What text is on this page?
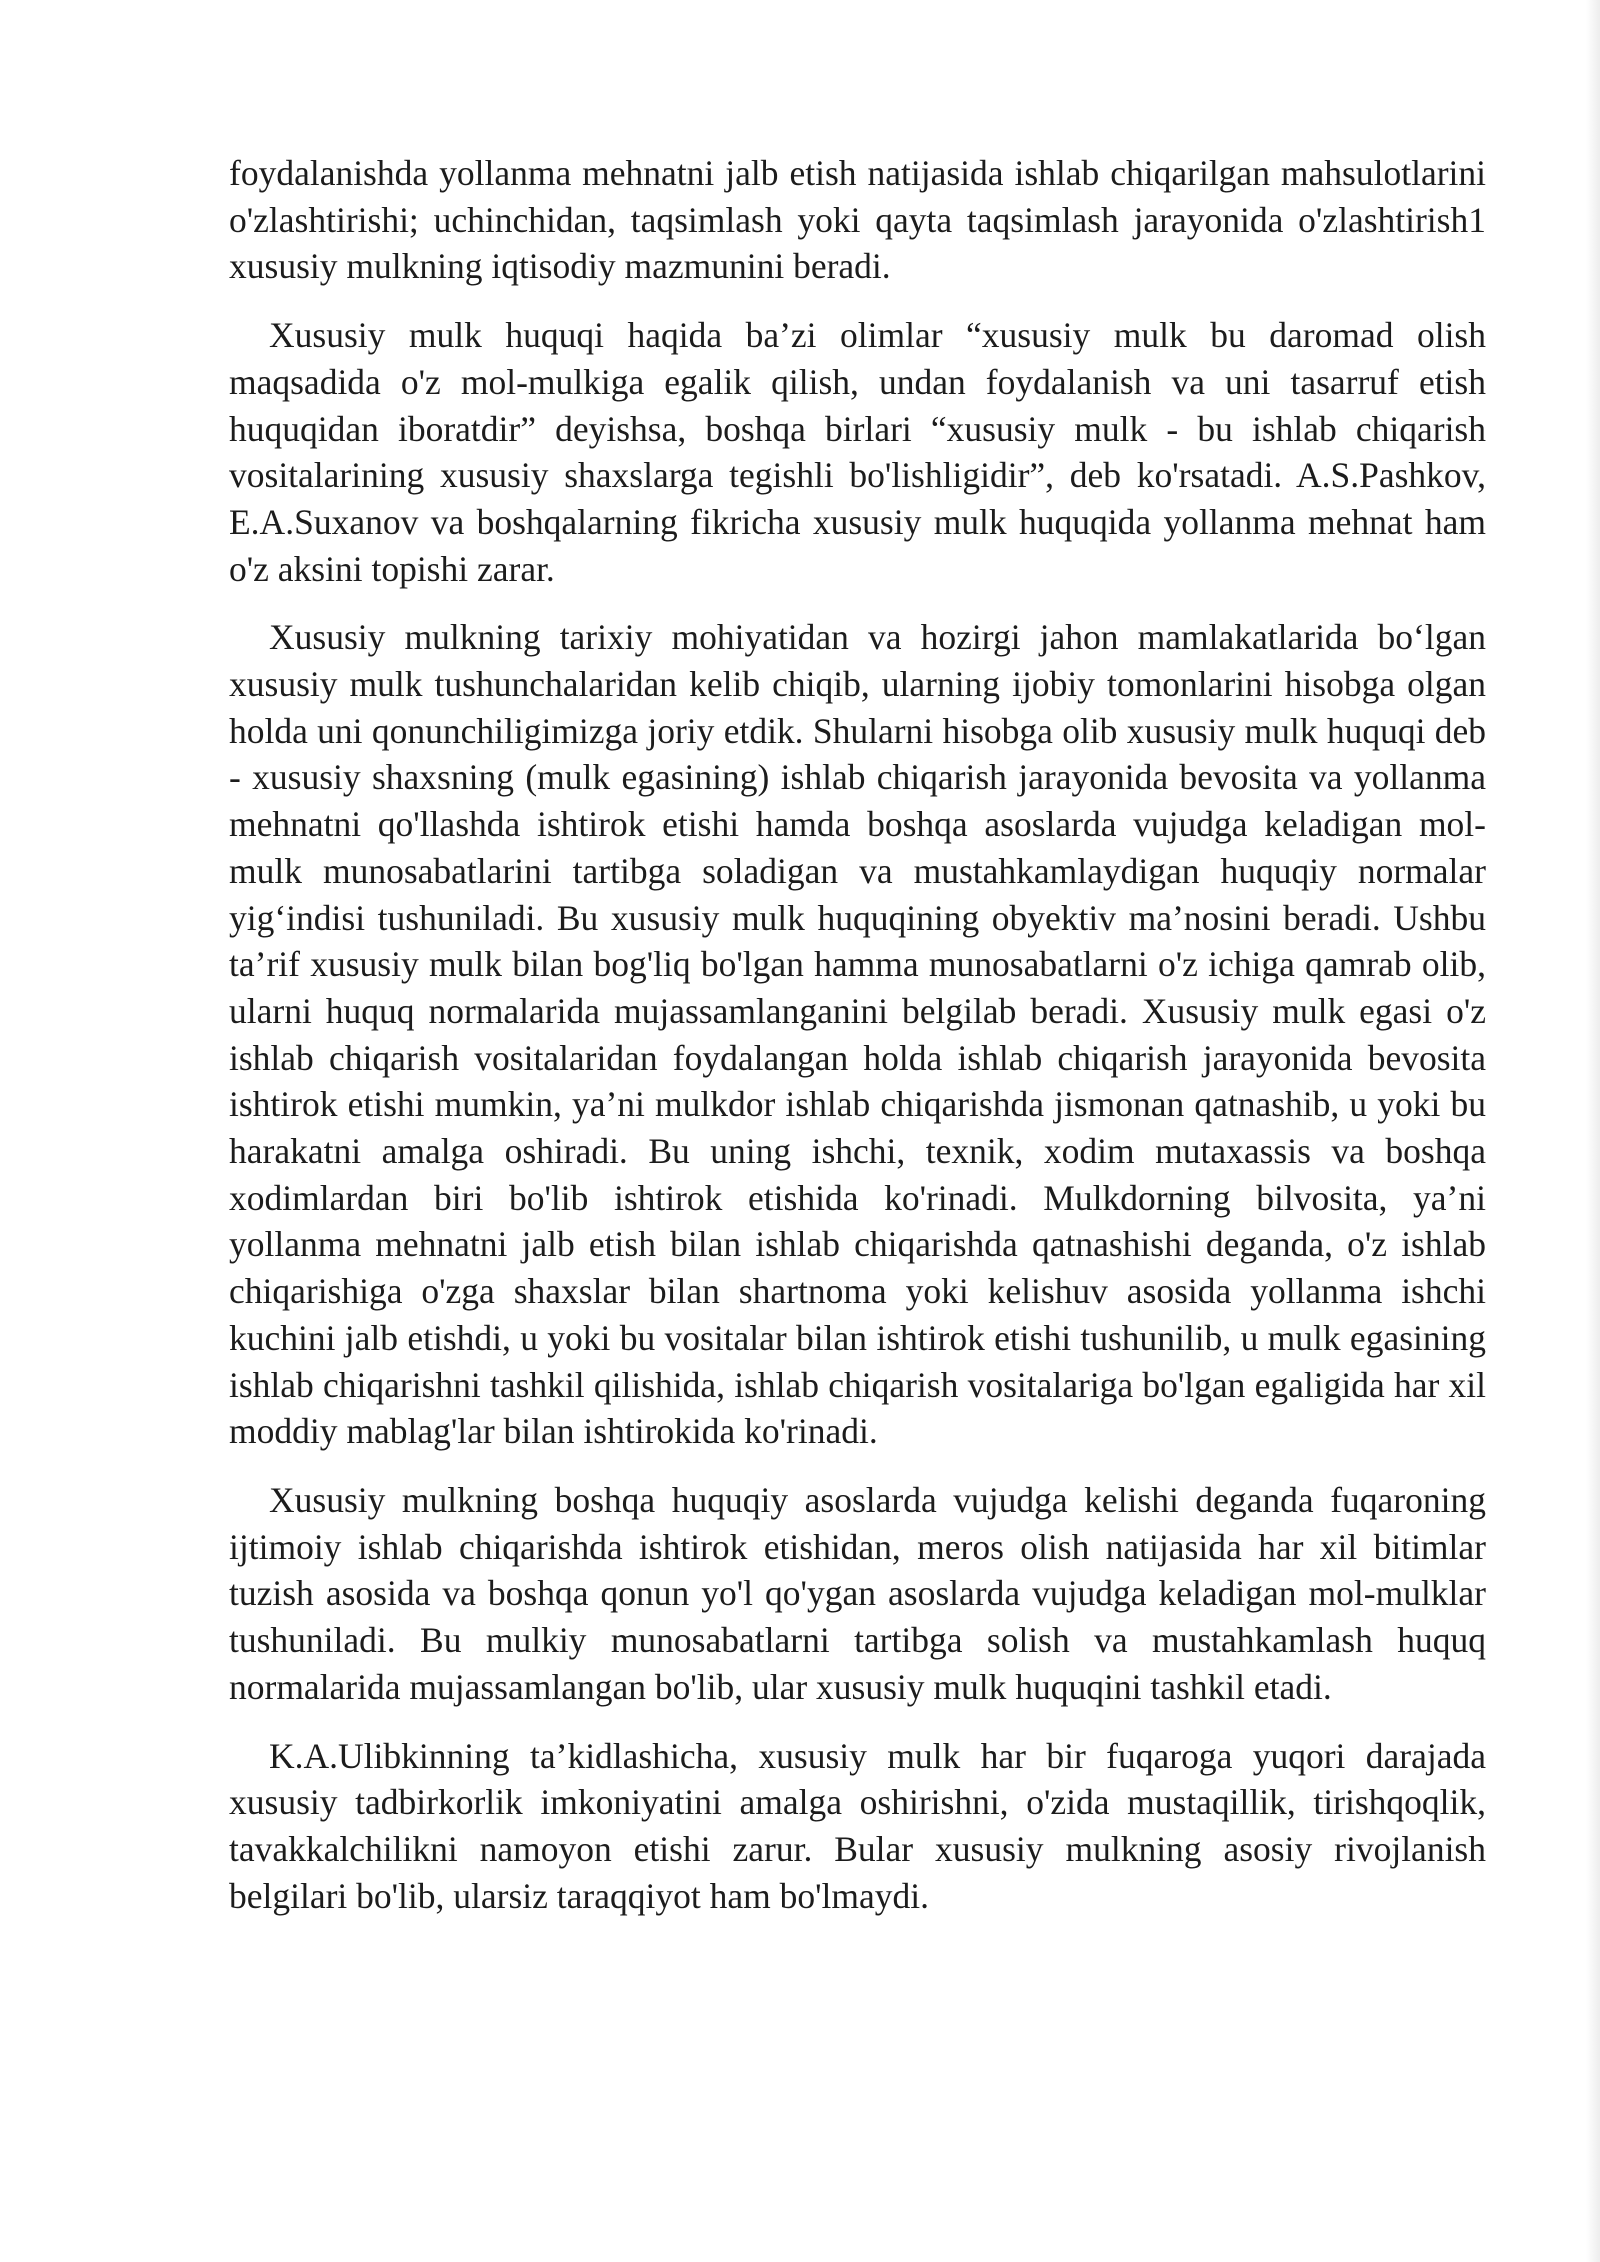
foydalanishda yollanma mehnatni jalb etish natijasida ishlab chiqarilgan mahsulotlarini o'zlashtirishi; uchinchidan, taqsimlash yoki qayta taqsimlash jarayonida o'zlashtirish1 xususiy mulkning iqtisodiy mazmunini beradi.

Xususiy mulk huquqi haqida ba’zi olimlar “xususiy mulk bu daromad olish maqsadida o'z mol-mulkiga egalik qilish, undan foydalanish va uni tasarruf etish huquqidan iboratdir” deyishsa, boshqa birlari “xususiy mulk - bu ishlab chiqarish vositalarining xususiy shaxslarga tegishli bo'lishligidir”, deb ko'rsatadi. A.S.Pashkov, E.A.Suxanov va boshqalarning fikricha xususiy mulk huquqida yollanma mehnat ham o'z aksini topishi zarar.

Xususiy mulkning tarixiy mohiyatidan va hozirgi jahon mamlakatlarida bo‘lgan xususiy mulk tushunchalaridan kelib chiqib, ularning ijobiy tomonlarini hisobga olgan holda uni qonunchiligimizga joriy etdik. Shularni hisobga olib xususiy mulk huquqi deb - xususiy shaxsning (mulk egasining) ishlab chiqarish jarayonida bevosita va yollanma mehnatni qo'llashda ishtirok etishi hamda boshqa asoslarda vujudga keladigan mol-mulk munosabatlarini tartibga soladigan va mustahkamlaydigan huquqiy normalar yig‘indisi tushuniladi. Bu xususiy mulk huquqining obyektiv ma’nosini beradi. Ushbu ta’rif xususiy mulk bilan bog'liq bo'lgan hamma munosabatlarni o'z ichiga qamrab olib, ularni huquq normalarida mujassamlanganini belgilab beradi. Xususiy mulk egasi o'z ishlab chiqarish vositalaridan foydalangan holda ishlab chiqarish jarayonida bevosita ishtirok etishi mumkin, ya’ni mulkdor ishlab chiqarishda jismonan qatnashib, u yoki bu harakatni amalga oshiradi. Bu uning ishchi, texnik, xodim mutaxassis va boshqa xodimlardan biri bo'lib ishtirok etishida ko'rinadi. Mulkdorning bilvosita, ya’ni yollanma mehnatni jalb etish bilan ishlab chiqarishda qatnashishi deganda, o'z ishlab chiqarishiga o'zga shaxslar bilan shartnoma yoki kelishuv asosida yollanma ishchi kuchini jalb etishdi, u yoki bu vositalar bilan ishtirok etishi tushunilib, u mulk egasining ishlab chiqarishni tashkil qilishida, ishlab chiqarish vositalariga bo'lgan egaligida har xil moddiy mablag'lar bilan ishtirokida ko'rinadi.

Xususiy mulkning boshqa huquqiy asoslarda vujudga kelishi deganda fuqaroning ijtimoiy ishlab chiqarishda ishtirok etishidan, meros olish natijasida har xil bitimlar tuzish asosida va boshqa qonun yo'l qo'ygan asoslarda vujudga keladigan mol-mulklar tushuniladi. Bu mulkiy munosabatlarni tartibga solish va mustahkamlash huquq normalarida mujassamlangan bo'lib, ular xususiy mulk huquqini tashkil etadi.

K.A.Ulibkinning ta’kidlashicha, xususiy mulk har bir fuqaroga yuqori darajada xususiy tadbirkorlik imkoniyatini amalga oshirishni, o'zida mustaqillik, tirishqoqlik, tavakkalchilikni namoyon etishi zarur. Bular xususiy mulkning asosiy rivojlanish belgilari bo'lib, ularsiz taraqqiyot ham bo'lmaydi.
